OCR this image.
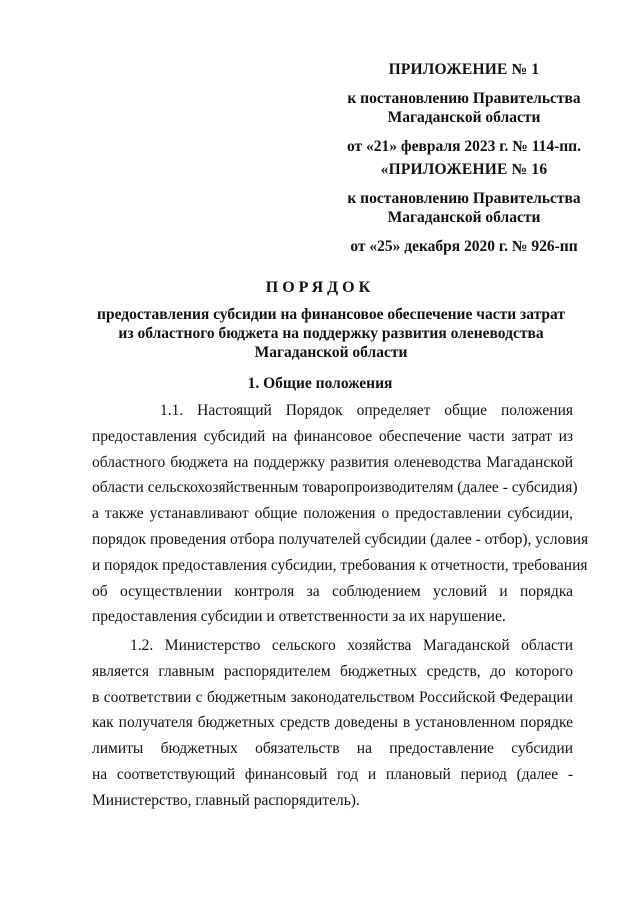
ПРИЛОЖЕНИЕ № 1
к постановлению Правительства
Магаданской области
от «21» февраля 2023 г. № 114-пп.
«ПРИЛОЖЕНИЕ № 16
к постановлению Правительства
Магаданской области
от «25» декабря 2020 г. № 926-пп
ПОРЯДОК
предоставления субсидии на финансовое обеспечение части затрат
из областного бюджета на поддержку развития оленеводства
Магаданской области
1. Общие положения
1.1. Настоящий Порядок определяет общие положения
предоставления субсидий на финансовое обеспечение части затрат из
областного бюджета на поддержку развития оленеводства Магаданской
области сельскохозяйственным товаропроизводителям (далее - субсидия)
а также устанавливают общие положения о предоставлении субсидии,
порядок проведения отбора получателей субсидии (далее - отбор), условия
и порядок предоставления субсидии, требования к отчетности, требования
об осуществлении контроля за соблюдением условий и порядка
предоставления субсидии и ответственности за их нарушение.
1.2. Министерство сельского хозяйства Магаданской области
является главным распорядителем бюджетных средств, до которого
в соответствии с бюджетным законодательством Российской Федерации
как получателя бюджетных средств доведены в установленном порядке
лимиты бюджетных обязательств на предоставление субсидии
на соответствующий финансовый год и плановый период (далее -
Министерство, главный распорядитель).
